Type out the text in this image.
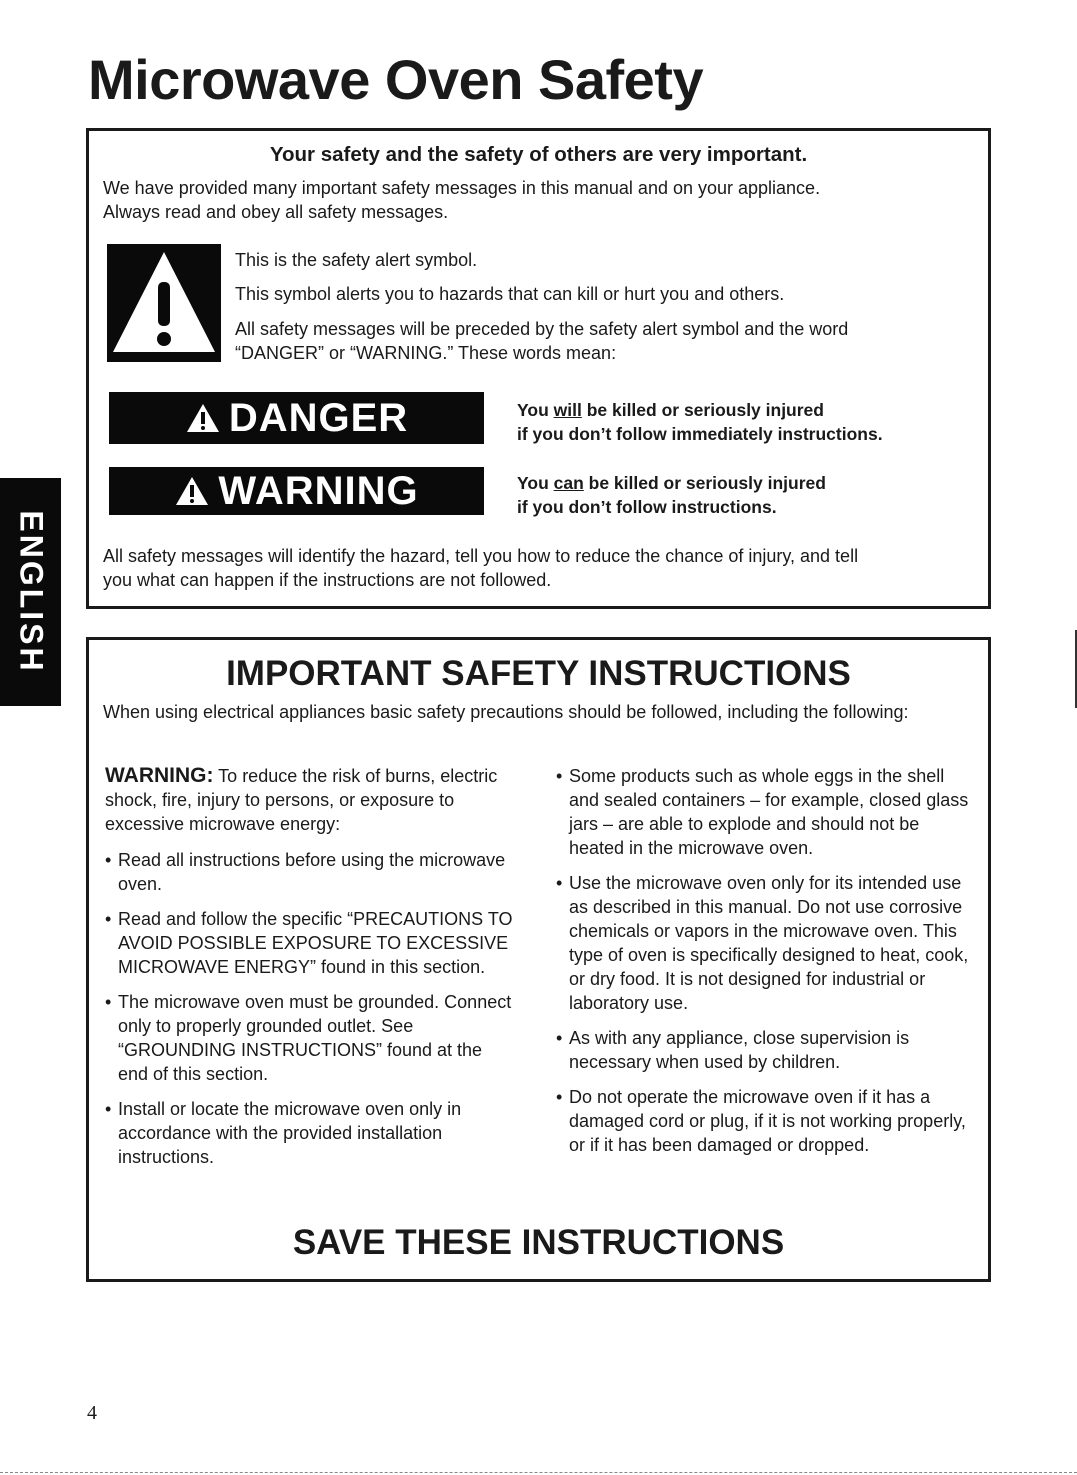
Microwave Oven Safety
ENGLISH
Your safety and the safety of others are very important.
We have provided many important safety messages in this manual and on your appliance.
Always read and obey all safety messages.
This is the safety alert symbol.
This symbol alerts you to hazards that can kill or hurt you and others.
All safety messages will be preceded by the safety alert symbol and the word
“DANGER” or “WARNING.” These words mean:
DANGER	You will be killed or seriously injured
if you don’t follow immediately instructions.
WARNING	You can be killed or seriously injured
if you don’t follow instructions.
All safety messages will identify the hazard, tell you how to reduce the chance of injury, and tell
you what can happen if the instructions are not followed.
IMPORTANT SAFETY INSTRUCTIONS
When using electrical appliances basic safety precautions should be followed, including the following:

WARNING: To reduce the risk of burns, electric shock, fire, injury to persons, or exposure to excessive microwave energy:

• Read all instructions before using the microwave oven.

• Read and follow the specific “PRECAUTIONS TO AVOID POSSIBLE EXPOSURE TO EXCESSIVE MICROWAVE ENERGY” found in this section.

• The microwave oven must be grounded. Connect only to properly grounded outlet. See “GROUNDING INSTRUCTIONS” found at the end of this section.

• Install or locate the microwave oven only in accordance with the provided installation instructions.

• Some products such as whole eggs in the shell and sealed containers – for example, closed glass jars – are able to explode and should not be heated in the microwave oven.

• Use the microwave oven only for its intended use as described in this manual. Do not use corrosive chemicals or vapors in the microwave oven. This type of oven is specifically designed to heat, cook, or dry food. It is not designed for industrial or laboratory use.

• As with any appliance, close supervision is necessary when used by children.

• Do not operate the microwave oven if it has a damaged cord or plug, if it is not working properly, or if it has been damaged or dropped.

SAVE THESE INSTRUCTIONS
4
